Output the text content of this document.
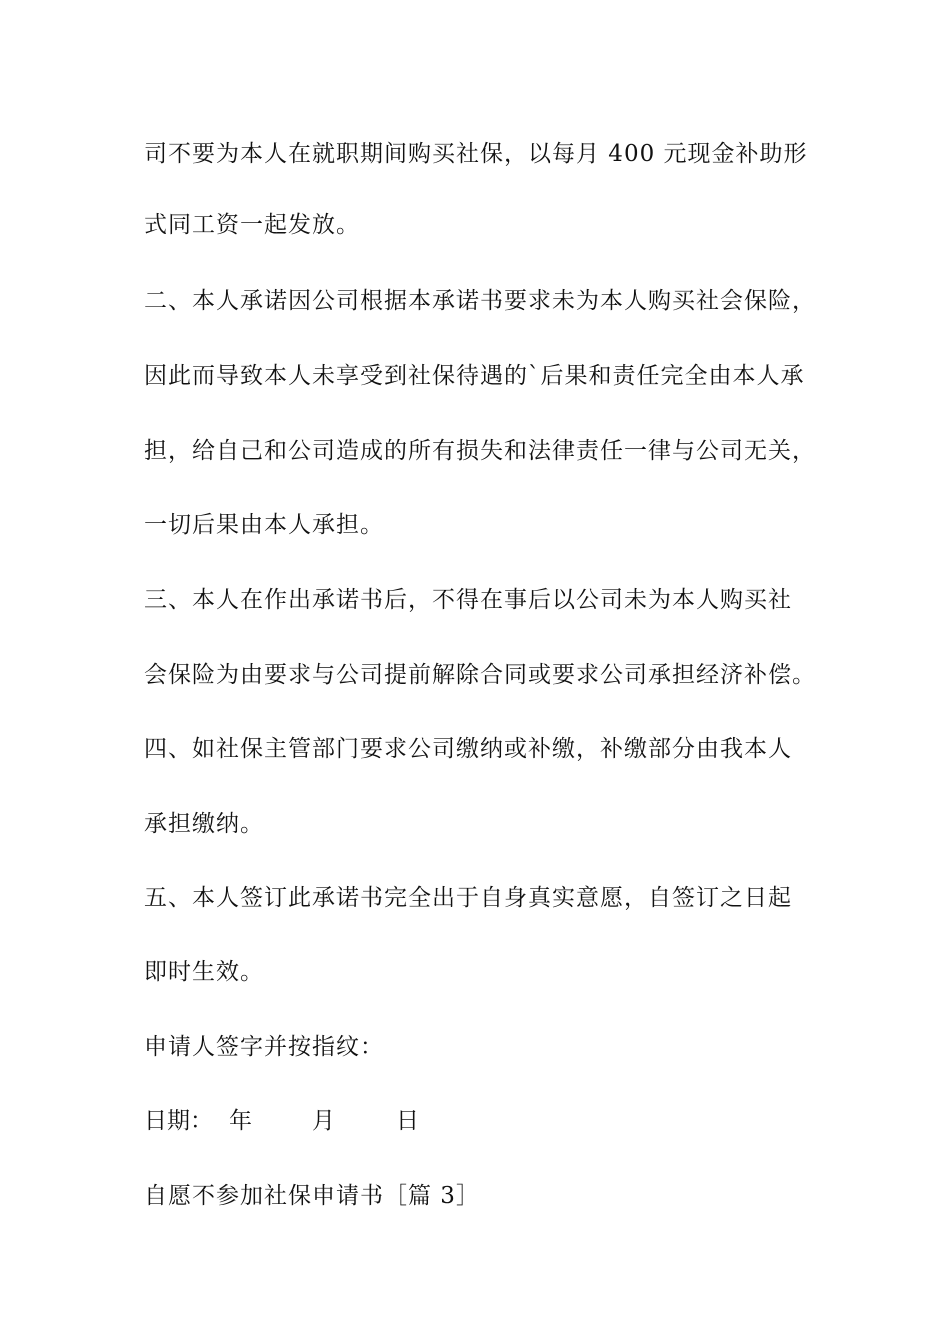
司不要为本人在就职期间购买社保，以每月 400 元现金补助形
式同工资一起发放。
二、本人承诺因公司根据本承诺书要求未为本人购买社会保险，
因此而导致本人未享受到社保待遇的`后果和责任完全由本人承
担，给自己和公司造成的所有损失和法律责任一律与公司无关，
一切后果由本人承担。
三、本人在作出承诺书后，不得在事后以公司未为本人购买社
会保险为由要求与公司提前解除合同或要求公司承担经济补偿。
四、如社保主管部门要求公司缴纳或补缴，补缴部分由我本人
承担缴纳。
五、本人签订此承诺书完全出于自身真实意愿，自签订之日起
即时生效。
申请人签字并按指纹：
日期： 年	月	日
自愿不参加社保申请书［篇 3］
